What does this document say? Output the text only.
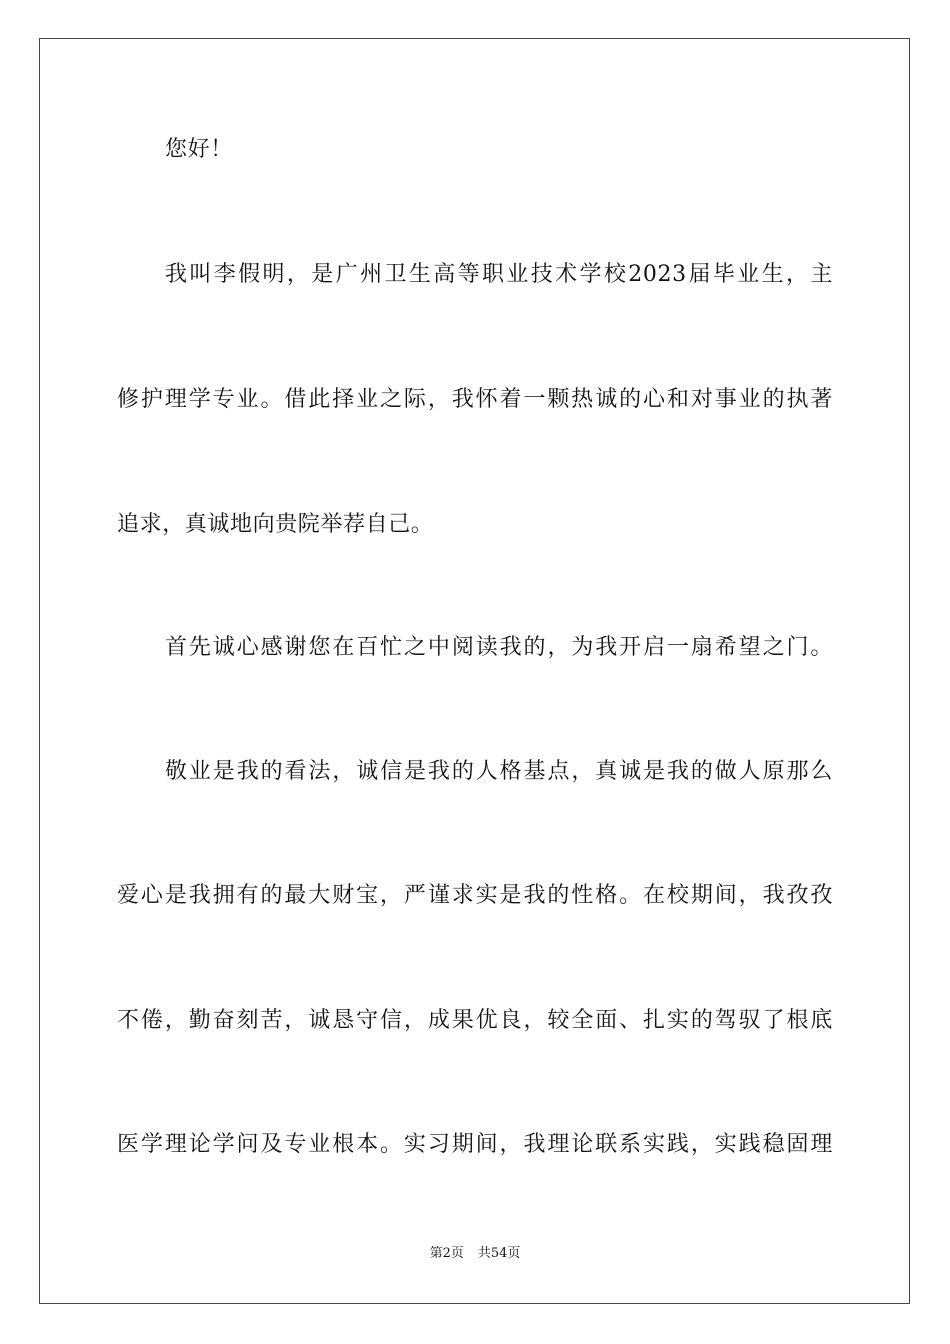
您好！

我叫李假明，是广州卫生高等职业技术学校2023届毕业生，主

修护理学专业。借此择业之际，我怀着一颗热诚的心和对事业的执著

追求，真诚地向贵院举荐自己。

首先诚心感谢您在百忙之中阅读我的，为我开启一扇希望之门。

敬业是我的看法，诚信是我的人格基点，真诚是我的做人原那么

爱心是我拥有的最大财宝，严谨求实是我的性格。在校期间，我孜孜

不倦，勤奋刻苦，诚恳守信，成果优良，较全面、扎实的驾驭了根底

医学理论学问及专业根本。实习期间，我理论联系实践，实践稳固理

第2页 共54页
